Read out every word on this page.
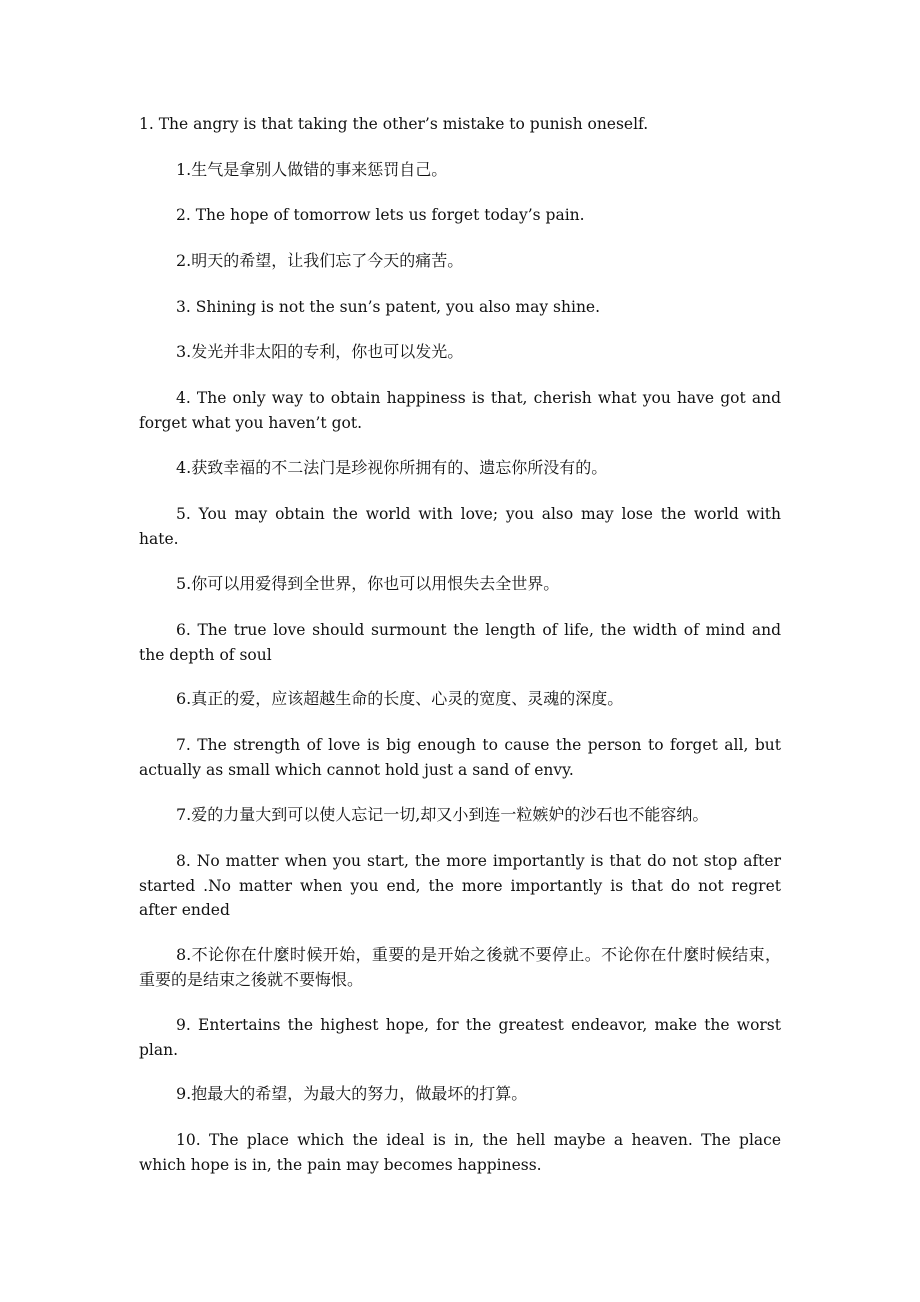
1. The angry is that taking the other’s mistake to punish oneself.

1.生气是拿别人做错的事来惩罚自己。

2. The hope of tomorrow lets us forget today’s pain.

2.明天的希望，让我们忘了今天的痛苦。

3. Shining is not the sun’s patent, you also may shine.

3.发光并非太阳的专利，你也可以发光。

4. The only way to obtain happiness is that, cherish what you have got and forget what you haven’t got.

4.获致幸福的不二法门是珍视你所拥有的、遗忘你所没有的。

5. You may obtain the world with love; you also may lose the world with hate.

5.你可以用爱得到全世界，你也可以用恨失去全世界。

6. The true love should surmount the length of life, the width of mind and the depth of soul

6.真正的爱，应该超越生命的长度、心灵的宽度、灵魂的深度。

7. The strength of love is big enough to cause the person to forget all, but actually as small which cannot hold just a sand of envy.

7.爱的力量大到可以使人忘记一切,却又小到连一粒嫉妒的沙石也不能容纳。

8. No matter when you start, the more importantly is that do not stop after started .No matter when you end, the more importantly is that do not regret after ended

8.不论你在什麼时候开始，重要的是开始之後就不要停止。不论你在什麼时候结束，重要的是结束之後就不要悔恨。

9. Entertains the highest hope, for the greatest endeavor, make the worst plan.

9.抱最大的希望，为最大的努力，做最坏的打算。

10. The place which the ideal is in, the hell maybe a heaven. The place which hope is in, the pain may becomes happiness.
